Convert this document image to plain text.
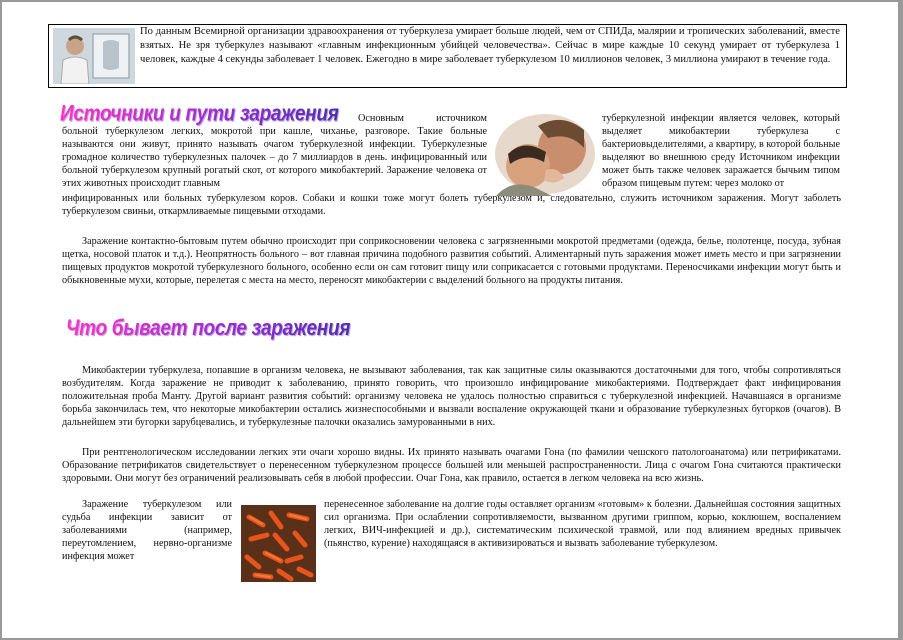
По данным Всемирной организации здравоохранения от туберкулеза умирает больше людей, чем от СПИДа, малярии и тропических заболеваний, вместе взятых. Не зря туберкулез называют «главным инфекционным убийцей человечества». Сейчас в мире каждые 10 секунд умирает от туберкулеза 1 человек, каждые 4 секунды заболевает 1 человек. Ежегодно в мире заболевает туберкулезом 10 миллионов человек, 3 миллиона умирают в течение года.

Источники и пути заражения	Основным источником больной туберкулезом легких, мокротой при кашле, чиханье, разговоре. Такие больные называются они живут, принято называть очагом туберкулезной инфекции. Туберкулезные громадное количество туберкулезных палочек – до 7 миллиардов в день. инфицированный или больной туберкулезом крупный рогатый скот, от которого микобактерий. Заражение человека от этих животных происходит главным

туберкулезной инфекции является человек, который выделяет микобактерии туберкулеза с бактериовыделителями, а квартиру, в которой больные выделяют во внешнюю среду Источником инфекции может быть также человек заражается бычьим типом образом пищевым путем: через молоко от

инфицированных или больных туберкулезом коров. Собаки и кошки тоже могут болеть туберкулезом и, следовательно, служить источником заражения. Могут заболеть туберкулезом свиньи, откармливаемые пищевыми отходами.

Заражение контактно-бытовым путем обычно происходит при соприкосновении человека с загрязненными мокротой предметами (одежда, белье, полотенце, посуда, зубная щетка, носовой платок и т.д.). Неопрятность больного – вот главная причина подобного развития событий. Алиментарный путь заражения может иметь место и при загрязнении пищевых продуктов мокротой туберкулезного больного, особенно если он сам готовит пищу или соприкасается с готовыми продуктами. Переносчиками инфекции могут быть и обыкновенные мухи, которые, перелетая с места на место, переносят микобактерии с выделений больного на продукты питания.

Что бывает после заражения

Микобактерии туберкулеза, попавшие в организм человека, не вызывают заболевания, так как защитные силы оказываются достаточными для того, чтобы сопротивляться возбудителям. Когда заражение не приводит к заболеванию, принято говорить, что произошло инфицирование микобактериями. Подтверждает факт инфицирования положительная проба Манту. Другой вариант развития событий: организму человека не удалось полностью справиться с туберкулезной инфекцией. Начавшаяся в организме борьба закончилась тем, что некоторые микобактерии остались жизнеспособными и вызвали воспаление окружающей ткани и образование туберкулезных бугорков (очагов). В дальнейшем эти бугорки зарубцевались, и туберкулезные палочки оказались замурованными в них.

При рентгенологическом исследовании легких эти очаги хорошо видны. Их принято называть очагами Гона (по фамилии чешского патологоанатома) или петрификатами. Образование петрификатов свидетельствует о перенесенном туберкулезном процессе большей или меньшей распространенности. Лица с очагом Гона считаются практически здоровыми. Они могут без ограничений реализовывать себя в любой профессии. Очаг Гона, как правило, остается в легком человека на всю жизнь.

Заражение туберкулезом или судьба инфекции зависит от заболеваниями (например, переутомлением, нервно-организме инфекция может

перенесенное заболевание на долгие годы оставляет организм «готовым» к болезни. Дальнейшая состояния защитных сил организма. При ослаблении сопротивляемости, вызванном другими гриппом, корью, коклюшем, воспалением легких, ВИЧ-инфекцией и др.), систематическим психической травмой, или под влиянием вредных привычек (пьянство, курение) находящаяся в активизироваться и вызвать заболевание туберкулезом.
